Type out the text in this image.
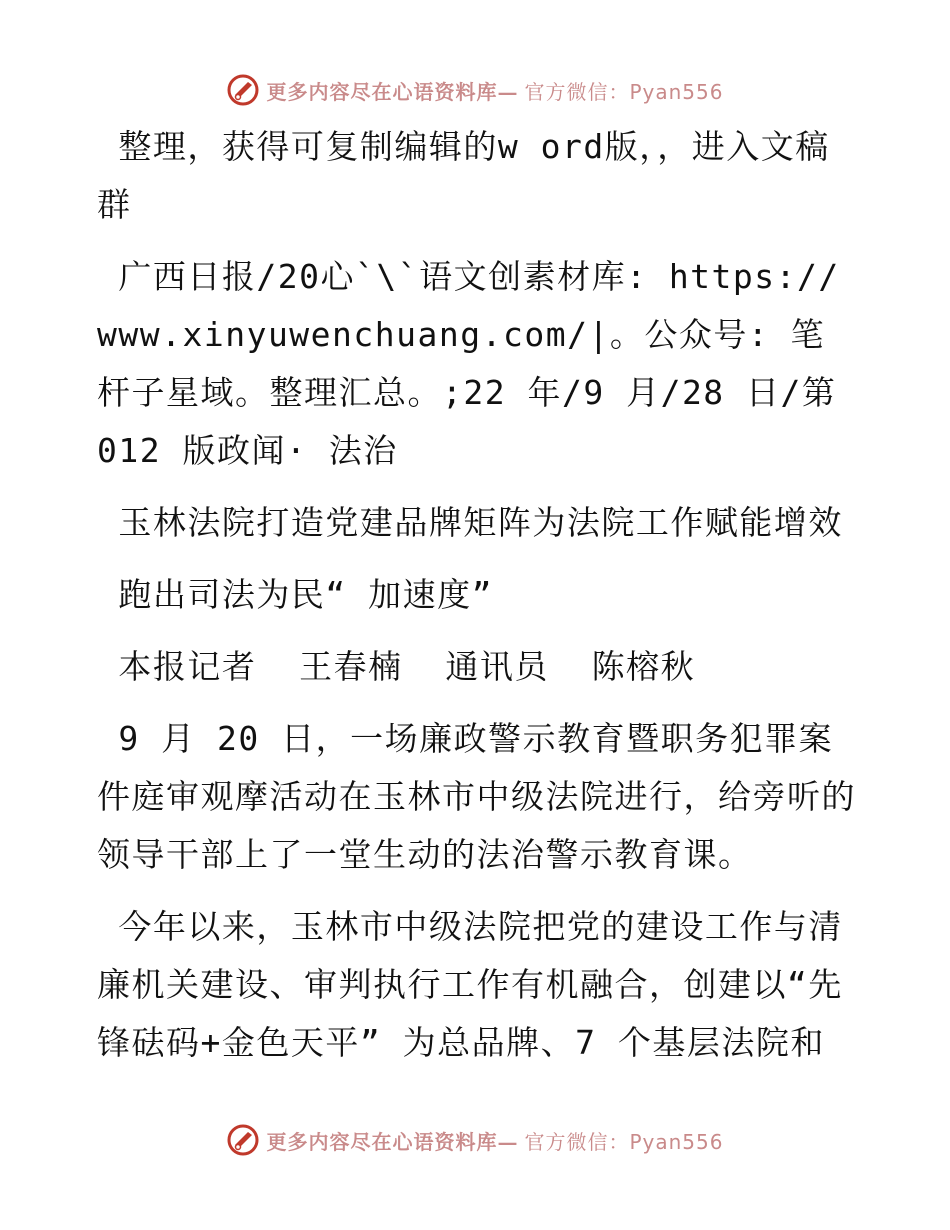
更多内容尽在心语资料库— 官方微信：Pyan556

整理，获得可复制编辑的w ord版，，进入文稿群

广西日报/20心`\`语文创素材库: https://www.xinyuwenchuang.com/|。公众号: 笔杆子星域。整理汇总。;22 年/9 月/28 日/第 012 版政闻· 法治

玉林法院打造党建品牌矩阵为法院工作赋能增效

跑出司法为民“ 加速度”

本报记者  王春楠  通讯员  陈榕秋

9 月 20 日，一场廉政警示教育暨职务犯罪案件庭审观摩活动在玉林市中级法院进行，给旁听的领导干部上了一堂生动的法治警示教育课。

今年以来，玉林市中级法院把党的建设工作与清廉机关建设、审判执行工作有机融合，创建以“先锋砝码+金色天平” 为总品牌、7 个基层法院和

更多内容尽在心语资料库— 官方微信：Pyan556
